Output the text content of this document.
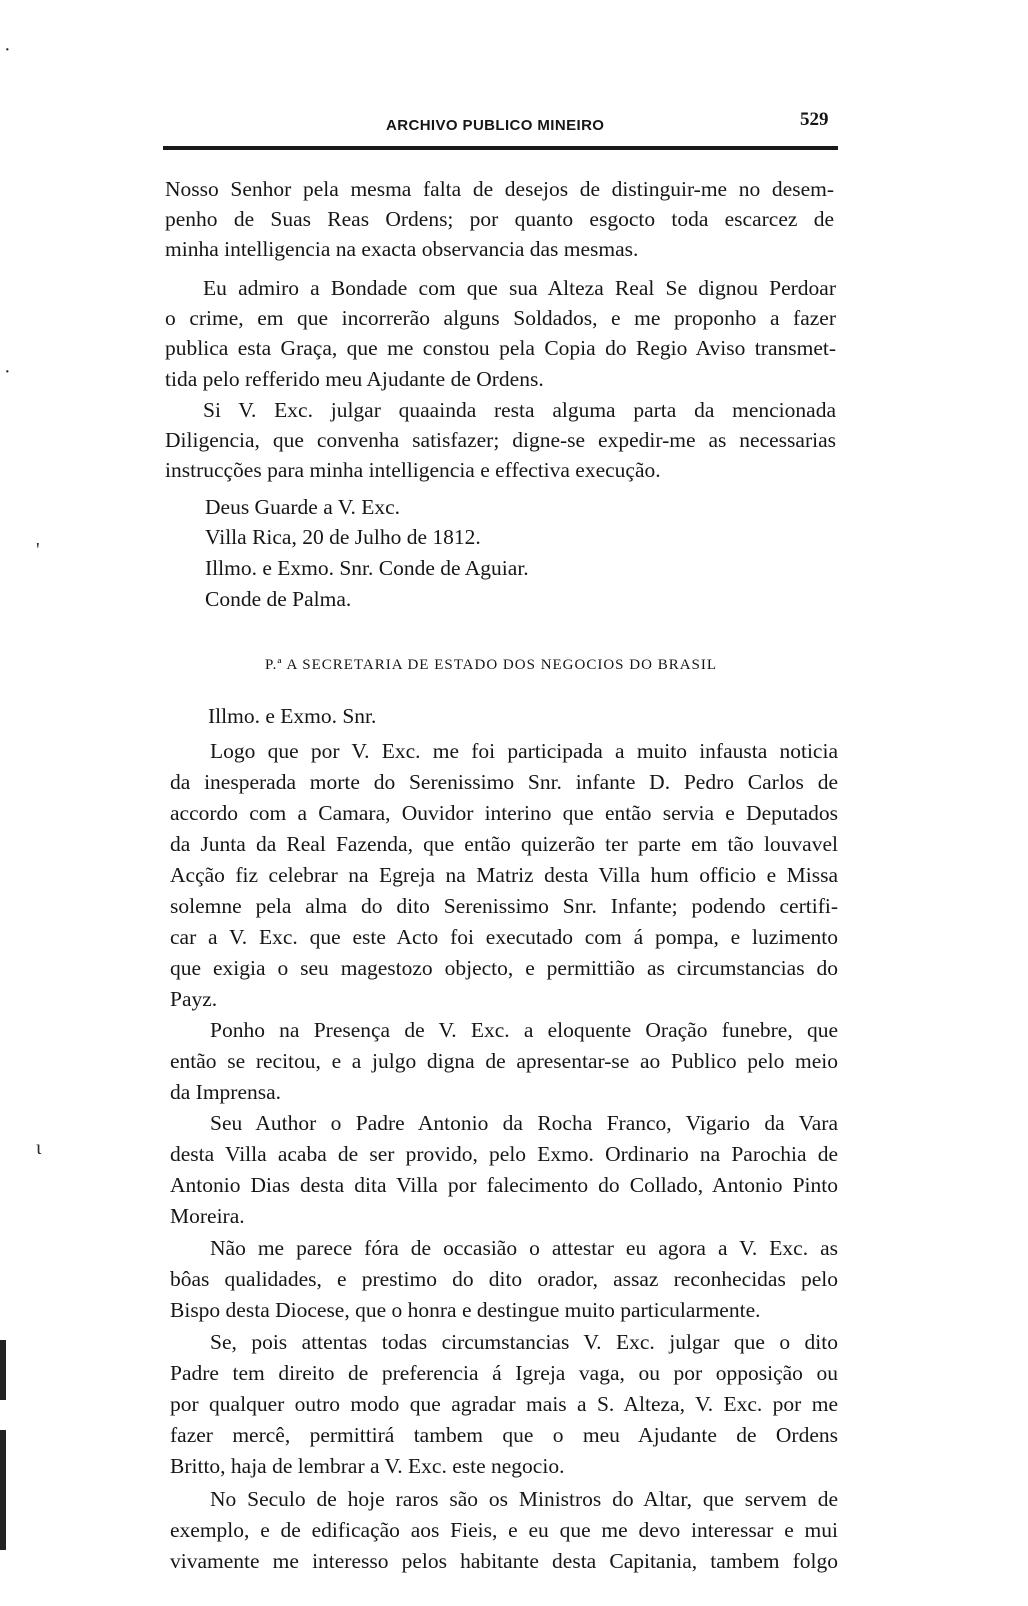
·
·
'
ι
ARCHIVO PUBLICO MINEIRO	529
Nosso Senhor pela mesma falta de desejos de distinguir-me no desem-
penho de Suas Reas Ordens; por quanto esgocto toda escarcez de
minha intelligencia na exacta observancia das mesmas.
Eu admiro a Bondade com que sua Alteza Real Se dignou Perdoar
o crime, em que incorrerão alguns Soldados, e me proponho a fazer
publica esta Graça, que me constou pela Copia do Regio Aviso transmet-
tida pelo refferido meu Ajudante de Ordens.
Si V. Exc. julgar quaainda resta alguma parta da mencionada
Diligencia, que convenha satisfazer; digne-se expedir-me as necessarias
instrucções para minha intelligencia e effectiva execução.
Deus Guarde a V. Exc.
Villa Rica, 20 de Julho de 1812.
Illmo. e Exmo. Snr. Conde de Aguiar.
Conde de Palma.
P.ª A SECRETARIA DE ESTADO DOS NEGOCIOS DO BRASIL
Illmo. e Exmo. Snr.
Logo que por V. Exc. me foi participada a muito infausta noticia
da inesperada morte do Serenissimo Snr. infante D. Pedro Carlos de
accordo com a Camara, Ouvidor interino que então servia e Deputados
da Junta da Real Fazenda, que então quizerão ter parte em tão louvavel
Acção fiz celebrar na Egreja na Matriz desta Villa hum officio e Missa
solemne pela alma do dito Serenissimo Snr. Infante; podendo certifi-
car a V. Exc. que este Acto foi executado com á pompa, e luzimento
que exigia o seu magestozo objecto, e permittião as circumstancias do
Payz.
Ponho na Presença de V. Exc. a eloquente Oração funebre, que
então se recitou, e a julgo digna de apresentar-se ao Publico pelo meio
da Imprensa.
Seu Author o Padre Antonio da Rocha Franco, Vigario da Vara
desta Villa acaba de ser provido, pelo Exmo. Ordinario na Parochia de
Antonio Dias desta dita Villa por falecimento do Collado, Antonio Pinto
Moreira.
Não me parece fóra de occasião o attestar eu agora a V. Exc. as
bôas qualidades, e prestimo do dito orador, assaz reconhecidas pelo
Bispo desta Diocese, que o honra e destingue muito particularmente.
Se, pois attentas todas circumstancias V. Exc. julgar que o dito
Padre tem direito de preferencia á Igreja vaga, ou por opposição ou
por qualquer outro modo que agradar mais a S. Alteza, V. Exc. por me
fazer mercê, permittirá tambem que o meu Ajudante de Ordens
Britto, haja de lembrar a V. Exc. este negocio.
No Seculo de hoje raros são os Ministros do Altar, que servem de
exemplo, e de edificação aos Fieis, e eu que me devo interessar e mui
vivamente me interesso pelos habitante desta Capitania, tambem folgo
